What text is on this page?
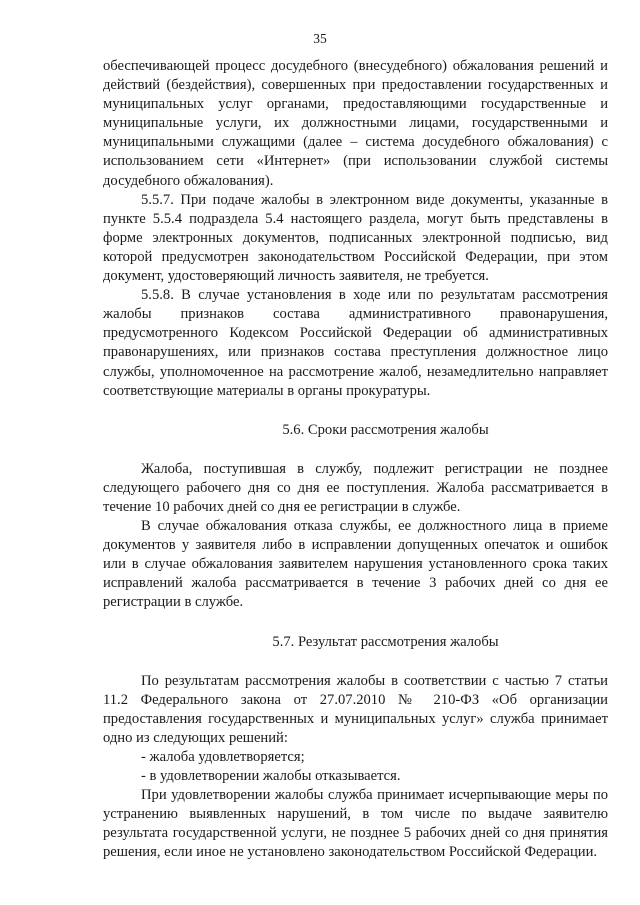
35

обеспечивающей процесс досудебного (внесудебного) обжалования решений и действий (бездействия), совершенных при предоставлении государственных и муниципальных услуг органами, предоставляющими государственные и муниципальные услуги, их должностными лицами, государственными и муниципальными служащими (далее – система досудебного обжалования) с использованием сети «Интернет» (при использовании службой системы досудебного обжалования).

5.5.7. При подаче жалобы в электронном виде документы, указанные в пункте 5.5.4 подраздела 5.4 настоящего раздела, могут быть представлены в форме электронных документов, подписанных электронной подписью, вид которой предусмотрен законодательством Российской Федерации, при этом документ, удостоверяющий личность заявителя, не требуется.

5.5.8. В случае установления в ходе или по результатам рассмотрения жалобы признаков состава административного правонарушения, предусмотренного Кодексом Российской Федерации об административных правонарушениях, или признаков состава преступления должностное лицо службы, уполномоченное на рассмотрение жалоб, незамедлительно направляет соответствующие материалы в органы прокуратуры.

5.6. Сроки рассмотрения жалобы

Жалоба, поступившая в службу, подлежит регистрации не позднее следующего рабочего дня со дня ее поступления. Жалоба рассматривается в течение 10 рабочих дней со дня ее регистрации в службе.

В случае обжалования отказа службы, ее должностного лица в приеме документов у заявителя либо в исправлении допущенных опечаток и ошибок или в случае обжалования заявителем нарушения установленного срока таких исправлений жалоба рассматривается в течение 3 рабочих дней со дня ее регистрации в службе.

5.7. Результат рассмотрения жалобы

По результатам рассмотрения жалобы в соответствии с частью 7 статьи 11.2 Федерального закона от 27.07.2010 № 210-ФЗ «Об организации предоставления государственных и муниципальных услуг» служба принимает одно из следующих решений:

- жалоба удовлетворяется;

- в удовлетворении жалобы отказывается.

При удовлетворении жалобы служба принимает исчерпывающие меры по устранению выявленных нарушений, в том числе по выдаче заявителю результата государственной услуги, не позднее 5 рабочих дней со дня принятия решения, если иное не установлено законодательством Российской Федерации.
